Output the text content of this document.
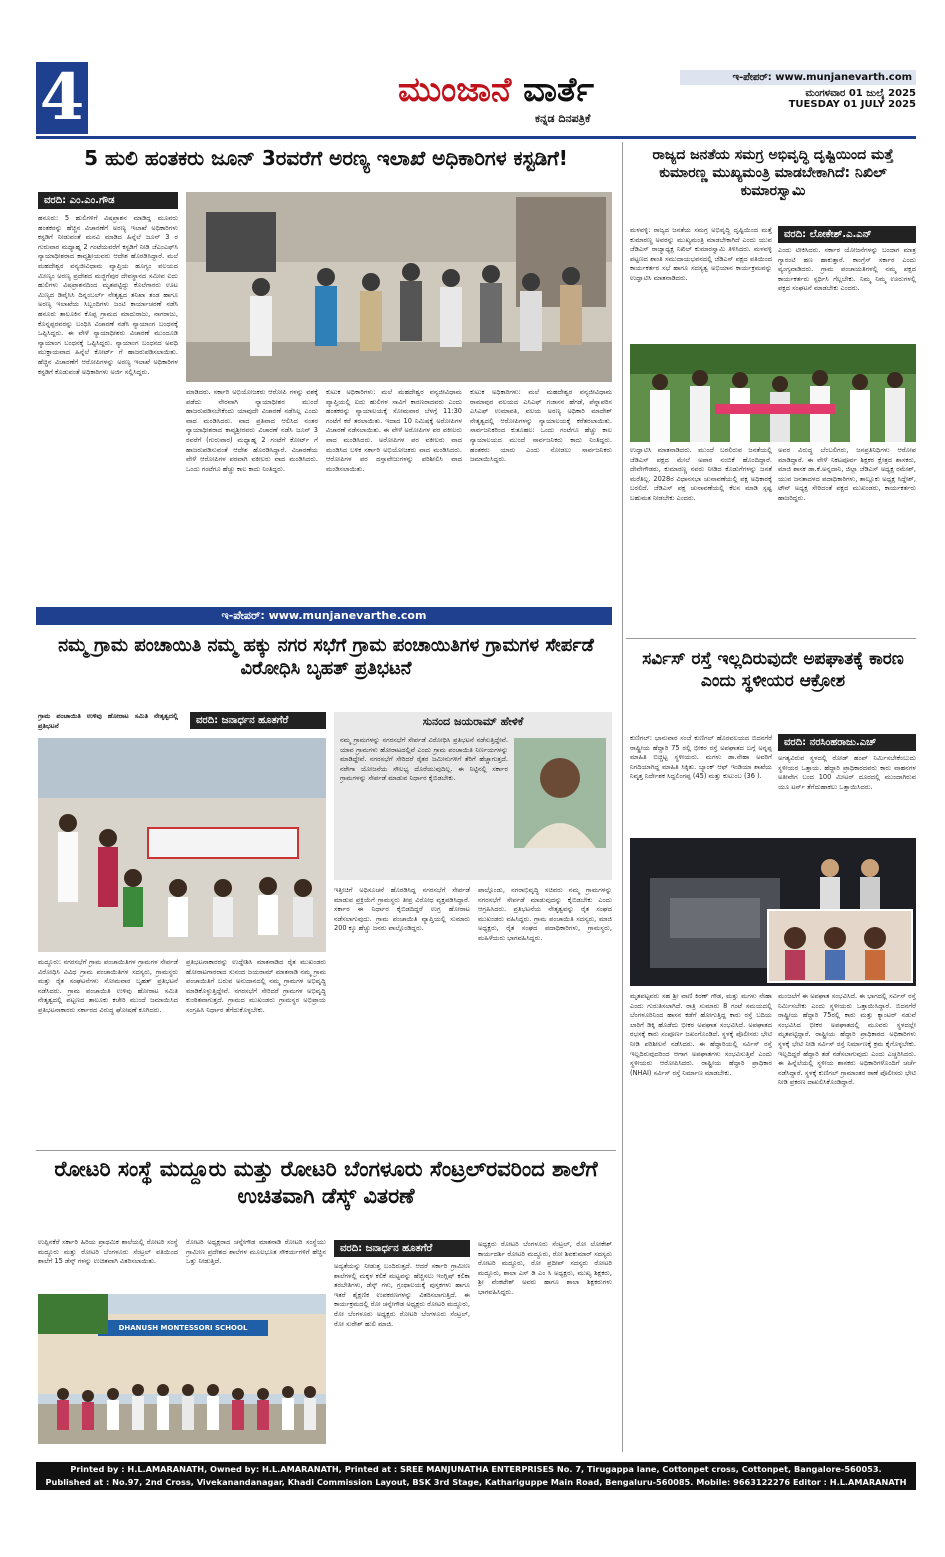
4	ಮುಂಜಾನೆ ವಾರ್ತೆ
ಕನ್ನಡ ದಿನಪತ್ರಿಕೆ
ಇ-ಪೇಪರ್: www.munjanevarth.com
ಮಂಗಳವಾರ 01 ಜುಲೈ 2025
TUESDAY 01 JULY 2025
5 ಹುಲಿ ಹಂತಕರು ಜೂನ್ 3ರವರೆಗೆ ಅರಣ್ಯ ಇಲಾಖೆ ಅಧಿಕಾರಿಗಳ ಕಸ್ಟಡಿಗೆ!
ವರದಿ: ಎಂ.ಎಂ.ಗೌಡ
ಹನೂರು: 5 ಹುಲಿಗಳಿಗೆ ವಿಷಪ್ರಾಶನ ಮಾಡಿದ್ದ ಮೂವರು ಹಂತಕರನ್ನು ಹೆಚ್ಚಿನ ವಿಚಾರಣೆಗೆ ಅರಣ್ಯ ಇಲಾಖೆ ಅಧಿಕಾರಿಗಳು ಕಸ್ಟಡಿಗೆ ನೀಡುವಂತೆ ಮನವಿ ಮಾಡಿದ ಹಿನ್ನೆಲೆ ಜೂನ್ 3 ರ ಗುರುವಾರ ಮಧ್ಯಾಹ್ನ 2 ಗಂಟೆಯವರೆಗೆ ಕಸ್ಟಡಿಗೆ ನೀಡಿ ಜೆಎಂಎಫ್‌ಸಿ ನ್ಯಾಯಾಧೀಶರಾದ ಕಾವ್ಯಶ್ರೀಯವರು ಆದೇಶ ಹೊರಡಿಸಿದ್ದಾರೆ. ಮಲೆ ಮಹದೇಶ್ವರ ವನ್ಯಜೀವಿಧಾಮ ವ್ಯಾಪ್ತಿಯ ಹೂಗ್ಯಂ ವಲಯದ ಮೀಣ್ಯಂ ಅರಣ್ಯ ಪ್ರದೇಶದ ಮಜ್ಜಿಗೆಪುರ ದೇವಸ್ಥಾನದ ಸಮೀಪ ಐದು ಹುಲಿಗಳು ವಿಷಪ್ರಾಶನದಿಂದ ಮೃತಪಟ್ಟಿದ್ದು ಕೊಲೆಗಾರರು ಊಟ ಮಿಣ್ಯದ ಡಿವೈಸಿಸಿ ದಿನ್ನಂಬರ್ಲ್ ನೇತೃತ್ವದ ತನಿಖಾ ತಂಡ ಹಾಗೂ ಅರಣ್ಯ ಇಲಾಖೆಯ ಸಿಬ್ಬಂದಿಗಳು ಜಂಟಿ ಕಾರ್ಯಾಚರಣೆ ನಡೆಸಿ ಹನೂರು ತಾಲೂಕಿನ ಕೊಪ್ಪ ಗ್ರಾಮದ ಮಾದುರಾಜು, ನಾಗರಾಜು, ಕೊನ್ನಪ್ಪರವರನ್ನು ಬಂಧಿಸಿ ವಿಚಾರಣೆ ನಡೆಸಿ ನ್ಯಾಯಾಂಗ ಬಂಧನಕ್ಕೆ ಒಪ್ಪಿಸಿದ್ದರು. ಈ ವೇಳೆ ನ್ಯಾಯಾಧೀಶರು ವಿಚಾರಣೆ ಮುಂದೂಡಿ ನ್ಯಾಯಾಂಗ ಬಂಧನಕ್ಕೆ ಒಪ್ಪಿಸಿದ್ದರು. ನ್ಯಾಯಾಂಗ ಬಂಧನದ ಅವಧಿ ಮುಕ್ತಾಯವಾದ ಹಿನ್ನೆಲೆ ಕೋರ್ಟ್ ಗೆ ಹಾಜರುಪಡಿಸಲಾಯಿತು. ಹೆಚ್ಚಿನ ವಿಚಾರಣೆಗೆ ಆರೋಪಿಗಳನ್ನು ಅರಣ್ಯ ಇಲಾಖೆ ಅಧಿಕಾರಿಗಳ ಕಸ್ಟಡಿಗೆ ಕೊಡುವಂತೆ ಅಧಿಕಾರಿಗಳು ಅರ್ಜಿ ಸಲ್ಲಿಸಿದ್ದರು.
ಮಾಡಿದರು. ಸರ್ಕಾರಿ ಅಭಿಯೋಜಕರು ಆರೋಪಿ ಗಳನ್ನು ವಶಕ್ಕೆ ಪಡೆದು ನೇರವಾಗಿ ನ್ಯಾಯಾಧೀಶರ ಮುಂದೆ ಹಾಜರುಪಡಿಸಬೇಕೆಂದು ಯಾವುದೇ ವಿಚಾರಣೆ ನಡೆಸಿಲ್ಲ ಎಂದು ವಾದ ಮಂಡಿಸಿದರು. ವಾದ ಪ್ರತಿವಾದ ಆಲಿಸಿದ ನಂತರ ನ್ಯಾಯಾಧೀಶರಾದ ಕಾವ್ಯಶ್ರೀರವರು ವಿಚಾರಣೆ ನಡೆಸಿ ಜೂನ್ 3 ರವರೆಗೆ (ಗುರುವಾರ) ಮಧ್ಯಾಹ್ನ 2 ಗಂಟೆಗೆ ಕೋರ್ಟ್ ಗೆ ಹಾಜರುಪಡಿಸುವಂತೆ ಆದೇಶ ಹೊರಡಿಸಿದ್ದಾರೆ. ವಿಚಾರಣೆಯ ವೇಳೆ ಆರೋಪಿಗಳ ಪರವಾಗಿ ವಕೀಲರು ವಾದ ಮಂಡಿಸಿದರು. ಒಂದು ಗಂಟೆಗೂ ಹೆಚ್ಚು ಕಾಲ ಕಾದು ನಿಂತಿದ್ದರು.
ಕುಟುಕ ಅಧಿಕಾರಿಗಳು: ಮಲೆ ಮಹದೇಶ್ವರ ವನ್ಯಜೀವಿಧಾಮ ವ್ಯಾಪ್ತಿಯಲ್ಲಿ ಐದು ಹುಲಿಗಳ ಸಾವಿಗೆ ಕಾರಣರಾದವರು ಎಂದು ಹಂತಕರನ್ನು ನ್ಯಾಯಾಲಯಕ್ಕೆ ಸೋಮವಾರ ಬೆಳಗ್ಗೆ 11:30 ಗಂಟೆಗೆ ಕರೆ ತರಲಾಯಿತು. ಇದಾದ 10 ನಿಮಿಷಕ್ಕೆ ಅರೋಪಿಗಳ ವಿಚಾರಣೆ ನಡೆಸಲಾಯಿತು. ಈ ವೇಳೆ ಅರೋಪಿಗಳ ಪರ ವಕೀಲರು ವಾದ ಮಂಡಿಸಿದರು. ಅರೋಪಿಗಳ ಪರ ವಕೀಲರು ವಾದ ಮಂಡಿಸಿದ ಬಳಿಕ ಸರ್ಕಾರಿ ಅಭಿಯೋಜಕರು ವಾದ ಮಂಡಿಸಿದರು. ಆರೋಪಿಗಳ ಪರ ದಸ್ತಾವೇಜುಗಳನ್ನು ಪರಿಶೀಲಿಸಿ ವಾದ ಮಂಡಿಸಲಾಯಿತು.
ಕುಟುಕ ಅಧಿಕಾರಿಗಳು: ಮಲೆ ಮಹದೇಶ್ವರ ವನ್ಯಜೀವಿಧಾಮ ರಾಮಾಪುರ ವಲಯದ ಎಸಿಎಫ್ ಗಜಾನನ ಹೆಗಡೆ, ಪೆನ್ನಾಪರಿಸ ಎಸಿಎಫ್ ಉಮಾಪತಿ, ವಲಯ ಅರಣ್ಯ ಅಧಿಕಾರಿ ಮಾದೇಶ್ ನೇತೃತ್ವದಲ್ಲಿ ಆರೋಪಿಗಳನ್ನು ನ್ಯಾಯಾಲಯಕ್ಕೆ ಕರೆತರಲಾಯಿತು. ಸಾರ್ವಜನಿಕರಿಂದ ಕುತೂಹಲ: ಒಂದು ಗಂಟೆಗೂ ಹೆಚ್ಚು ಕಾಲ ನ್ಯಾಯಾಲಯದ ಮುಂದೆ ಸಾರ್ವಜನಿಕರು ಕಾದು ನಿಂತಿದ್ದರು. ಹಂತಕರು ಯಾರು ಎಂದು ನೋಡಲು ಸಾರ್ವಜನಿಕರು ಜಮಾಯಿಸಿದ್ದರು.
ರಾಜ್ಯದ ಜನತೆಯ ಸಮಗ್ರ ಅಭಿವೃದ್ಧಿ ದೃಷ್ಟಿಯಿಂದ ಮತ್ತೆ ಕುಮಾರಣ್ಣ ಮುಖ್ಯಮಂತ್ರಿ ಮಾಡಬೇಕಾಗಿದೆ: ನಿಖಿಲ್ ಕುಮಾರಸ್ವಾಮಿ
ಮಳವಳ್ಳಿ: ರಾಜ್ಯದ ಜನತೆಯ ಸಮಗ್ರ ಅಭಿವೃದ್ಧಿ ದೃಷ್ಟಿಯಿಂದ ಮತ್ತೆ ಕುಮಾರಣ್ಣ ಅವರನ್ನು ಮುಖ್ಯಮಂತ್ರಿ ಮಾಡಬೇಕಾಗಿದೆ ಎಂದು ಯುವ ಜೆಡಿಎಸ್ ರಾಜ್ಯಾಧ್ಯಕ್ಷ ನಿಖಿಲ್ ಕುಮಾರಸ್ವಾಮಿ ತಿಳಿಸಿದರು. ಮಳವಳ್ಳಿ ಪಟ್ಟಣದ ಶಾಂತಿ ಸಮುದಾಯಭವನದಲ್ಲಿ ಜೆಡಿಎಸ್ ಪಕ್ಷದ ವತಿಯಿಂದ ಕಾರ್ಯಕರ್ತರ ಸಭೆ ಹಾಗೂ ಸದಸ್ಯತ್ವ ಅಭಿಯಾನ ಕಾರ್ಯಕ್ರಮವನ್ನು ಉದ್ಘಾಟಿಸಿ ಮಾತನಾಡಿದರು.
ವರದಿ: ಲೋಕೇಶ್.ಎ.ಎನ್
ಎಂದು ಟೀಕಿಸಿದರು. ಸರ್ಕಾರ ಯೋಜನೆಗಳನ್ನು ಬಂದಾಗ ಮಾತ್ರ ಗ್ಯಾರಂಟಿ ಹಣ ಹಾಕುತ್ತಾರೆ. ಕಾಂಗ್ರೆಸ್ ಸರ್ಕಾರ ಎಂದು ವ್ಯಂಗ್ಯವಾಡಿದರು. ಗ್ರಾಮ ಪಂಚಾಯತಿಗಳಲ್ಲಿ ನಮ್ಮ ಪಕ್ಷದ ಕಾರ್ಯಕರ್ತರು ಸ್ಪರ್ಧಿಸಿ ಗೆಲ್ಲಬೇಕು. ನಿಮ್ಮ ನಿಮ್ಮ ಊರುಗಳಲ್ಲಿ ಪಕ್ಷದ ಸಂಘಟನೆ ಮಾಡಬೇಕು ಎಂದರು.
ಉದ್ಘಾಟಿಸಿ ಮಾತನಾಡಿದರು. ಮುಂದೆ ಬರಲಿರುವ ಜನತೆಯಲ್ಲಿ ಜೆಡಿಎಸ್ ಪಕ್ಷದ ಮೇಲೆ ಅಪಾರ ನಂಬಿಕೆ ಹೊಂದಿದ್ದಾರೆ. ದೇವೇಗೌಡರು, ಕುಮಾರಣ್ಣ ನವರು ನೀಡಿದ ಕೊಡುಗೆಗಳನ್ನು ಜನತೆ ಮರೆತಿಲ್ಲ. 2028ರ ವಿಧಾನಸಭಾ ಚುನಾವಣೆಯಲ್ಲಿ ಪಕ್ಷ ಅಧಿಕಾರಕ್ಕೆ ಬರಲಿದೆ. ಜೆಡಿಎಸ್ ಪಕ್ಷ ಚುನಾವಣೆಯಲ್ಲಿ ಕೆಲಸ ಮಾಡಿ ಸ್ಪಷ್ಟ ಬಹುಮತ ನೀಡಬೇಕು ಎಂದರು.
ಅವರ ವಿರುದ್ಧ ಬೆಂಬಲಿಗರು, ಜನಪ್ರತಿನಿಧಿಗಳು ಆರೋಪ ಮಾಡಿದ್ದಾರೆ. ಈ ವೇಳೆ ನಿಕಟಪೂರ್ವ ಶಿಕ್ಷಕರ ಕ್ಷೇತ್ರದ ಶಾಸಕರು, ಮಾಜಿ ಶಾಸಕ ಡಾ.ಕೆ.ಅನ್ನದಾನಿ, ಜಿಲ್ಲಾ ಜೆಡಿಎಸ್ ಅಧ್ಯಕ್ಷ ರಮೇಶ್, ಯುವ ಜನತಾದಳದ ಪದಾಧಿಕಾರಿಗಳು, ತಾಲ್ಲೂಕು ಅಧ್ಯಕ್ಷ ಸಿದ್ದೇಶ್, ಟೌನ್ ಅಧ್ಯಕ್ಷ ಸೇರಿದಂತೆ ಪಕ್ಷದ ಮುಖಂಡರು, ಕಾರ್ಯಕರ್ತರು ಹಾಜರಿದ್ದರು.
ಇ-ಪೇಪರ್: www.munjanevarthe.com
ನಮ್ಮ ಗ್ರಾಮ ಪಂಚಾಯಿತಿ ನಮ್ಮ ಹಕ್ಕು ನಗರ ಸಭೆಗೆ ಗ್ರಾಮ ಪಂಚಾಯಿತಿಗಳ ಗ್ರಾಮಗಳ ಸೇರ್ಪಡೆ ವಿರೋಧಿಸಿ ಬೃಹತ್ ಪ್ರತಿಭಟನೆ
ಗ್ರಾಮ ಪಂಚಾಯಿತಿ ಉಳಿವು ಹೋರಾಟ ಸಮಿತಿ ನೇತೃತ್ವದಲ್ಲಿ ಪ್ರತಿಭಟನೆ	ವರದಿ: ಜನಾರ್ಧನ ಹೂತಗೆರೆ	ಸುನಂದ ಜಯರಾಮ್ ಹೇಳಿಕೆ
ನಮ್ಮ ಗ್ರಾಮಗಳನ್ನು ನಗರಸಭೆಗೆ ಸೇರ್ಪಡೆ ವಿರೋಧಿಸಿ ಪ್ರತಿಭಟನೆ ನಡೆಸುತ್ತಿದ್ದೇವೆ. ಯಾವ ಗ್ರಾಮಗಳು ಹೋರಾಟದಲ್ಲಿವೆ ಎಂದು ಗ್ರಾಮ ಪಂಚಾಯಿತಿ ನಿರ್ಣಯಗಳನ್ನು ಮಾಡಿದ್ದೇವೆ. ನಗರಸಭೆಗೆ ಸೇರಿದರೆ ರೈತರ ಜಮೀನುಗಳಿಗೆ ತೆರಿಗೆ ಹೆಚ್ಚಾಗುತ್ತದೆ. ನರೇಗಾ ಯೋಜನೆಯ ಸೌಲಭ್ಯ ದೊರೆಯುವುದಿಲ್ಲ. ಈ ನಿಟ್ಟಿನಲ್ಲಿ ಸರ್ಕಾರ ಗ್ರಾಮಗಳನ್ನು ಸೇರ್ಪಡೆ ಮಾಡುವ ನಿರ್ಧಾರ ಕೈಬಿಡಬೇಕು.
ಮದ್ದೂರು: ನಗರಸಭೆಗೆ ಗ್ರಾಮ ಪಂಚಾಯಿತಿಗಳ ಗ್ರಾಮಗಳ ಸೇರ್ಪಡೆ ವಿರೋಧಿಸಿ ವಿವಿಧ ಗ್ರಾಮ ಪಂಚಾಯಿತಿಗಳ ಸದಸ್ಯರು, ಗ್ರಾಮಸ್ಥರು ಮತ್ತು ರೈತ ಸಂಘಟನೆಗಳು ಸೋಮವಾರ ಬೃಹತ್ ಪ್ರತಿಭಟನೆ ನಡೆಸಿದರು. ಗ್ರಾಮ ಪಂಚಾಯಿತಿ ಉಳಿವು ಹೋರಾಟ ಸಮಿತಿ ನೇತೃತ್ವದಲ್ಲಿ ಪಟ್ಟಣದ ತಾಲೂಕು ಕಚೇರಿ ಮುಂದೆ ಜಮಾಯಿಸಿದ ಪ್ರತಿಭಟನಾಕಾರರು ಸರ್ಕಾರದ ವಿರುದ್ಧ ಘೋಷಣೆ ಕೂಗಿದರು.
ಪ್ರತಿಭಟನಾಕಾರರನ್ನು ಉದ್ದೇಶಿಸಿ ಮಾತನಾಡಿದ ರೈತ ಮುಖಂಡರು ಹೋರಾಟಗಾರರಾದ ಸುನಂದ ಜಯರಾಮ್ ಮಾತನಾಡಿ ನಮ್ಮ ಗ್ರಾಮ ಪಂಚಾಯಿತಿಗೆ ಬರುವ ಅನುದಾನದಲ್ಲಿ ನಮ್ಮ ಗ್ರಾಮಗಳ ಅಭಿವೃದ್ಧಿ ಮಾಡಿಕೊಳ್ಳುತ್ತಿದ್ದೇವೆ. ನಗರಸಭೆಗೆ ಸೇರಿದರೆ ಗ್ರಾಮಗಳ ಅಭಿವೃದ್ಧಿ ಕುಂಠಿತವಾಗುತ್ತದೆ. ಗ್ರಾಮದ ಮುಖಂಡರು ಗ್ರಾಮಸ್ಥರ ಅಭಿಪ್ರಾಯ ಸಂಗ್ರಹಿಸಿ ನಿರ್ಧಾರ ತೆಗೆದುಕೊಳ್ಳಬೇಕು.
ಇತ್ತೀಚಿಗೆ ಅಧಿಸೂಚನೆ ಹೊರಡಿಸಿದ್ದ ನಗರಸಭೆಗೆ ಸೇರ್ಪಡೆ ಮಾಡುವ ಪ್ರಕ್ರಿಯೆಗೆ ಗ್ರಾಮಸ್ಥರು ತೀವ್ರ ವಿರೋಧ ವ್ಯಕ್ತಪಡಿಸಿದ್ದಾರೆ. ಸರ್ಕಾರ ಈ ನಿರ್ಧಾರ ಕೈಬಿಡದಿದ್ದರೆ ಉಗ್ರ ಹೋರಾಟ ನಡೆಸಲಾಗುವುದು. ಗ್ರಾಮ ಪಂಚಾಯಿತಿ ವ್ಯಾಪ್ತಿಯಲ್ಲಿ ಸುಮಾರು 200 ಕ್ಕೂ ಹೆಚ್ಚು ಜನರು ಪಾಲ್ಗೊಂಡಿದ್ದರು.
ಪಾಲ್ಗೊಂಡು, ನಗರಾಭಿವೃದ್ಧಿ ಸಚಿವರು ನಮ್ಮ ಗ್ರಾಮಗಳನ್ನು ನಗರಸಭೆಗೆ ಸೇರ್ಪಡೆ ಮಾಡುವುದನ್ನು ಕೈಬಿಡಬೇಕು ಎಂದು ಆಗ್ರಹಿಸಿದರು. ಪ್ರತಿಭಟನೆಯ ನೇತೃತ್ವವನ್ನು ರೈತ ಸಂಘದ ಮುಖಂಡರು ವಹಿಸಿದ್ದರು. ಗ್ರಾಮ ಪಂಚಾಯಿತಿ ಸದಸ್ಯರು, ಮಾಜಿ ಅಧ್ಯಕ್ಷರು, ರೈತ ಸಂಘದ ಪದಾಧಿಕಾರಿಗಳು, ಗ್ರಾಮಸ್ಥರು, ಮಹಿಳೆಯರು ಭಾಗವಹಿಸಿದ್ದರು.
ಸರ್ವಿಸ್ ರಸ್ತೆ ಇಲ್ಲದಿರುವುದೇ ಅಪಘಾತಕ್ಕೆ ಕಾರಣ ಎಂದು ಸ್ಥಳೀಯರ ಆಕ್ರೋಶ
ಕುಣಿಗಲ್: ಭಾನುವಾರ ಸಂಜೆ ಕುಣಿಗಲ್ ಹೊರವಲಯದ ಬಿದನಗೆರೆ ರಾಷ್ಟ್ರೀಯ ಹೆದ್ದಾರಿ 75 ರಲ್ಲಿ ಭೀಕರ ರಸ್ತೆ ಅಪಘಾತದ ಬಗ್ಗೆ ಅನ್ನಪ್ಪ ಮಾಹಿತಿ ಬಿಚ್ಚಿಟ್ಟ ಸ್ಥಳೀಯರು. ಮಗಳು ಡಾ.ನೇಹಾ ಅವರಿಗೆ ನಿಗದಿಯಾಗಿದ್ದ ಮಾಹಿತಿ ಸಿಕ್ಕಿತು. ಬ್ಯಾಂಕ್ ಆಫ್ ಇಂಡಿಯಾ ಶಾಖೆಯ ನಿವೃತ್ತ ನಿರ್ದೇಶಕ ಸಿದ್ದಲಿಂಗಪ್ಪ (45) ಮತ್ತು ಕುಟುಂಬ (36 ).
ವರದಿ: ನರಸಿಂಹರಾಜು.ಎಚ್
ಅಗತ್ಯವಿರುವ ಸ್ಥಳದಲ್ಲಿ ರೋಡ್ ಹಂಪ್ ನಿರ್ಮಿಸಬೇಕೆಂಬುದು ಸ್ಥಳೀಯರ ಒತ್ತಾಯ. ಹೆದ್ದಾರಿ ಪ್ರಾಧಿಕಾರದವರು ಕಾರು ವಾಹನಗಳ ಅತೀವೇಗ ಬಂದ 100 ಮೀಟರ್ ದೂರದಲ್ಲಿ ಮುಂದಾಗಿರುವ ಯೂ ಟರ್ನ್ ತೆಗೆದುಹಾಕಲು ಒತ್ತಾಯಿಸಿದರು.
ಮೃತಪಟ್ಟವರು ಸಹ ಶ್ರೀ ವಾಣಿ ಕಿರಣ್ ಗೌಡ, ಮತ್ತು ಮಗಳು ನೇಹಾ ಎಂದು ಗುರುತಿಸಲಾಗಿದೆ. ರಾತ್ರಿ ಸುಮಾರು 8 ಗಂಟೆ ಸಮಯದಲ್ಲಿ ಬೆಂಗಳೂರಿನಿಂದ ಹಾಸನ ಕಡೆಗೆ ಹೋಗುತ್ತಿದ್ದ ಕಾರು ರಸ್ತೆ ಬದಿಯ ಲಾರಿಗೆ ಡಿಕ್ಕಿ ಹೊಡೆದು ಭೀಕರ ಅಪಘಾತ ಸಂಭವಿಸಿದೆ. ಅಪಘಾತದ ರಭಸಕ್ಕೆ ಕಾರು ಸಂಪೂರ್ಣ ಜಖಂಗೊಂಡಿದೆ. ಸ್ಥಳಕ್ಕೆ ಪೊಲೀಸರು ಭೇಟಿ ನೀಡಿ ಪರಿಶೀಲನೆ ನಡೆಸಿದರು. ಈ ಹೆದ್ದಾರಿಯಲ್ಲಿ ಸರ್ವಿಸ್ ರಸ್ತೆ ಇಲ್ಲದಿರುವುದರಿಂದ ಆಗಾಗ ಅಪಘಾತಗಳು ಸಂಭವಿಸುತ್ತಿವೆ ಎಂದು ಸ್ಥಳೀಯರು ಆರೋಪಿಸಿದರು. ರಾಷ್ಟ್ರೀಯ ಹೆದ್ದಾರಿ ಪ್ರಾಧಿಕಾರ (NHAI) ಸರ್ವಿಸ್ ರಸ್ತೆ ನಿರ್ಮಾಣ ಮಾಡಬೇಕು.
ಮಂಜಲೆಗೆ ಈ ಅಪಘಾತ ಸಂಭವಿಸಿದೆ. ಈ ಭಾಗದಲ್ಲಿ ಸರ್ವಿಸ್ ರಸ್ತೆ ನಿರ್ಮಿಸಬೇಕು ಎಂದು ಸ್ಥಳೀಯರು ಒತ್ತಾಯಿಸಿದ್ದಾರೆ. ಬಿದನಗೆರೆ ರಾಷ್ಟ್ರೀಯ ಹೆದ್ದಾರಿ 75ರಲ್ಲಿ ಕಾರು ಮತ್ತು ಕ್ಯಾಂಟರ್ ನಡುವೆ ಸಂಭವಿಸಿದ ಭೀಕರ ಅಪಘಾತದಲ್ಲಿ ಮೂವರು ಸ್ಥಳದಲ್ಲೇ ಮೃತಪಟ್ಟಿದ್ದಾರೆ. ರಾಷ್ಟ್ರೀಯ ಹೆದ್ದಾರಿ ಪ್ರಾಧಿಕಾರದ ಅಧಿಕಾರಿಗಳು ಸ್ಥಳಕ್ಕೆ ಭೇಟಿ ನೀಡಿ ಸರ್ವಿಸ್ ರಸ್ತೆ ನಿರ್ಮಾಣಕ್ಕೆ ಕ್ರಮ ಕೈಗೊಳ್ಳಬೇಕು. ಇಲ್ಲದಿದ್ದರೆ ಹೆದ್ದಾರಿ ತಡೆ ನಡೆಸಲಾಗುವುದು ಎಂದು ಎಚ್ಚರಿಸಿದರು. ಈ ಹಿನ್ನೆಲೆಯಲ್ಲಿ ಸ್ಥಳೀಯ ಶಾಸಕರು ಅಧಿಕಾರಿಗಳೊಂದಿಗೆ ಚರ್ಚೆ ನಡೆಸಿದ್ದಾರೆ. ಸ್ಥಳಕ್ಕೆ ಕುಣಿಗಲ್ ಗ್ರಾಮಾಂತರ ಠಾಣೆ ಪೊಲೀಸರು ಭೇಟಿ ನೀಡಿ ಪ್ರಕರಣ ದಾಖಲಿಸಿಕೊಂಡಿದ್ದಾರೆ.
ರೋಟರಿ ಸಂಸ್ಥೆ ಮದ್ದೂರು ಮತ್ತು ರೋಟರಿ ಬೆಂಗಳೂರು ಸೆಂಟ್ರಲ್‌ರವರಿಂದ ಶಾಲೆಗೆ ಉಚಿತವಾಗಿ ಡೆಸ್ಕ್ ವಿತರಣೆ
ಉಪ್ಪಿನಕೆರೆ ಸರ್ಕಾರಿ ಹಿರಿಯ ಪ್ರಾಥಮಿಕ ಶಾಲೆಯಲ್ಲಿ ರೋಟರಿ ಸಂಸ್ಥೆ ಮದ್ದೂರು ಮತ್ತು ರೋಟರಿ ಬೆಂಗಳೂರು ಸೆಂಟ್ರಲ್ ವತಿಯಿಂದ ಶಾಲೆಗೆ 15 ಡೆಸ್ಕ್ ಗಳನ್ನು ಉಚಿತವಾಗಿ ವಿತರಿಸಲಾಯಿತು.
ರೋಟರಿ ಅಧ್ಯಕ್ಷರಾದ ಚನ್ನೇಗೌಡ ಮಾತನಾಡಿ ರೋಟರಿ ಸಂಸ್ಥೆಯು ಗ್ರಾಮೀಣ ಪ್ರದೇಶದ ಶಾಲೆಗಳ ಮೂಲಭೂತ ಸೌಕರ್ಯಗಳಿಗೆ ಹೆಚ್ಚಿನ ಒತ್ತು ನೀಡುತ್ತಿದೆ.
DHANUSH MONTESSORI SCHOOL
ವರದಿ: ಜನಾರ್ಧನ ಹೂತಗೆರೆ
ಅದ್ಯತೆಯನ್ನು ನೀಡುತ್ತ ಬಂದಿರುತ್ತದೆ. ಆದರೆ ಸರ್ಕಾರಿ ಗ್ರಾಮೀಣ ಶಾಲೆಗಳಲ್ಲಿ ಮಕ್ಕಳ ಕಲಿಕೆ ಮಟ್ಟವನ್ನು ಹೆಚ್ಚಿಸಲು ಇಂಗ್ಲಿಷ್ ಕಲಿಕಾ ತರಬೇತಿಗಳು, ಡೆಸ್ಕ್ ಗಳು, ಗ್ರಂಥಾಲಯಕ್ಕೆ ಪುಸ್ತಕಗಳು ಹಾಗೂ ಇತರೆ ಶೈಕ್ಷಣಿಕ ಉಪಕರಣಗಳನ್ನು ವಿತರಿಸಲಾಗುತ್ತಿದೆ. ಈ ಕಾರ್ಯಕ್ರಮದಲ್ಲಿ ರೋ ಚನ್ನೇಗೌಡ ಅಧ್ಯಕ್ಷರು ರೋಟರಿ ಮದ್ದೂರು, ರೋ ಬೆಂಗಳೂರು ಅಧ್ಯಕ್ಷರು ರೋಟರಿ ಬೆಂಗಳೂರು ಸೆಂಟ್ರಲ್, ರೋ ಸುರೇಶ್ ಹುಲಿ ಮಾಜಿ.
ಅಧ್ಯಕ್ಷರು ರೋಟರಿ ಬೆಂಗಳೂರು ಸೆಂಟ್ರಲ್, ರೋ ಲೋಕೇಶ್ ಕಾರ್ಯದರ್ಶಿ ರೋಟರಿ ಮದ್ದೂರು, ರೋ ಶಿವಕುಮಾರ್ ಸದಸ್ಯರು ರೋಟರಿ ಮದ್ದೂರು, ರೋ ಪ್ರದೀಪ್ ಸದಸ್ಯರು ರೋಟರಿ ಮದ್ದೂರು, ಶಾಲಾ ಎಸ್ ಡಿ ಎಂ ಸಿ ಅಧ್ಯಕ್ಷರು, ಮುಖ್ಯ ಶಿಕ್ಷಕರು, ಶ್ರೀ ವೆಂಕಟೇಶ್ ಅವರು ಹಾಗೂ ಶಾಲಾ ಶಿಕ್ಷಕರುಗಳು ಭಾಗವಹಿಸಿದ್ದರು.
Printed by : H.L.AMARANATH, Owned by: H.L.AMARANATH, Printed at : SREE MANJUNATHA ENTERPRISES No. 7, Tirugappa lane, Cottonpet cross, Cottonpet, Bangalore-560053.
Published at : No.97, 2nd Cross, Vivekanandanagar, Khadi Commission Layout, BSK 3rd Stage, Kathariguppe Main Road, Bengaluru-560085. Mobile: 9663122276 Editor : H.L.AMARANATH
